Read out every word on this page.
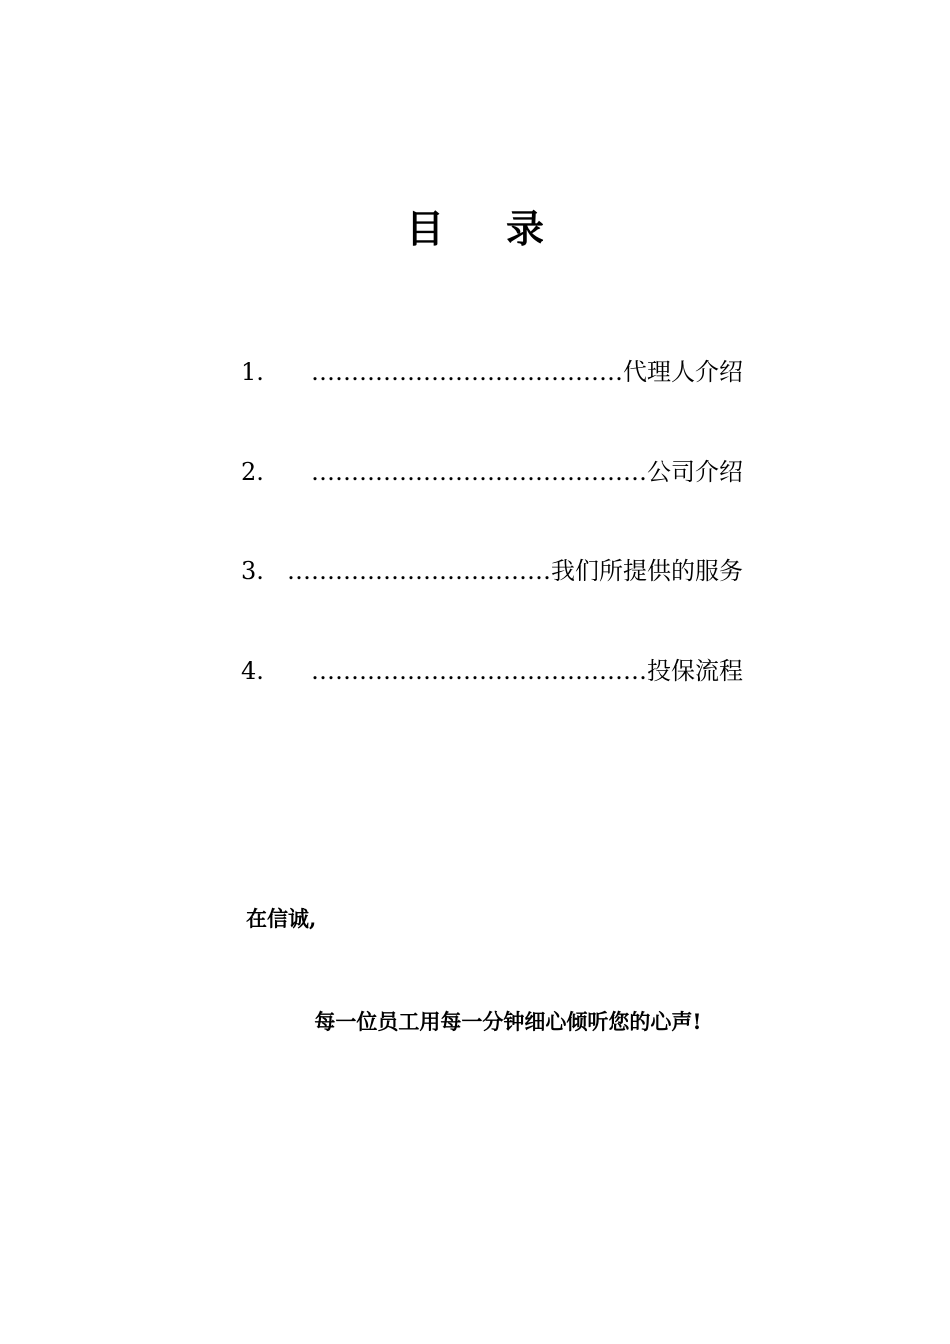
目 录
1. …………………………………代理人介绍
2. ……………………………………公司介绍
3. ……………………………我们所提供的服务
4. ……………………………………投保流程
在信诚,
每一位员工用每一分钟细心倾听您的心声!
